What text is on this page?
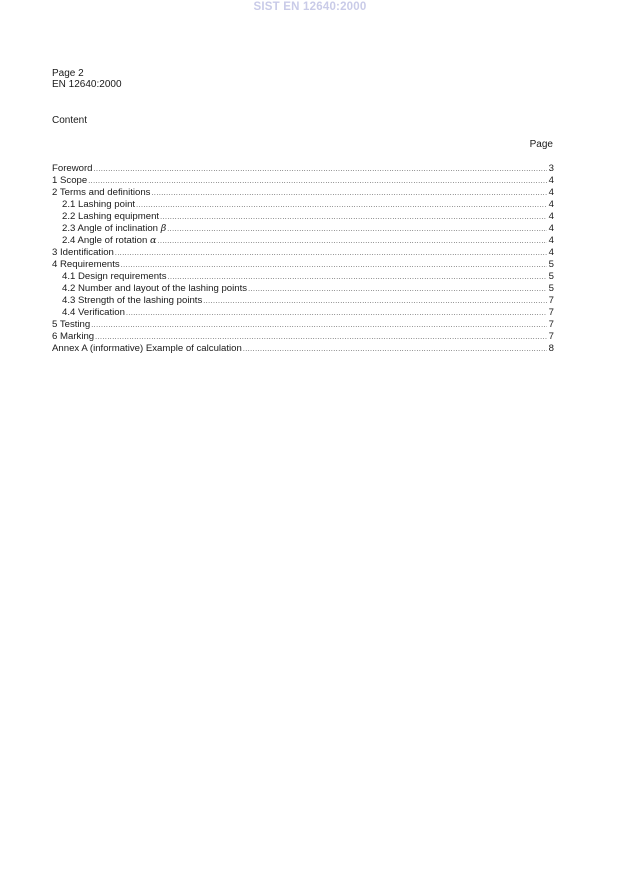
SIST EN 12640:2000
Page 2
EN 12640:2000
Content
Page
Foreword .....	3
1 Scope .....	4
2 Terms and definitions .....	4
2.1 Lashing point .....	4
2.2 Lashing equipment .....	4
2.3 Angle of inclination β .....	4
2.4 Angle of rotation α .....	4
3 Identification .....	4
4 Requirements .....	5
4.1 Design requirements .....	5
4.2 Number and layout of the lashing points .....	5
4.3 Strength of the lashing points .....	7
4.4 Verification .....	7
5 Testing .....	7
6 Marking .....	7
Annex A (informative) Example of calculation .....	8
